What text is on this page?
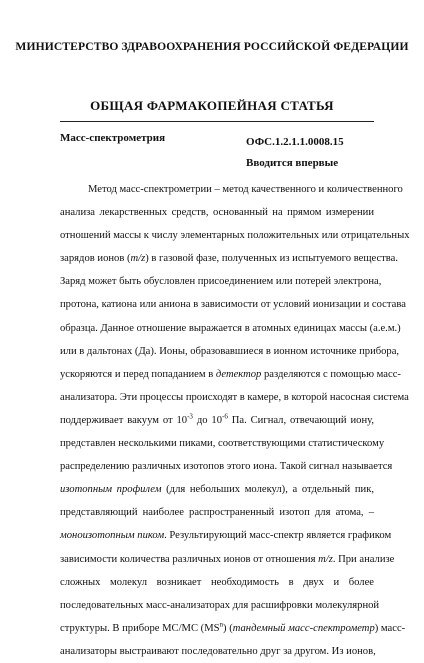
МИНИСТЕРСТВО ЗДРАВООХРАНЕНИЯ РОССИЙСКОЙ ФЕДЕРАЦИИ
ОБЩАЯ ФАРМАКОПЕЙНАЯ СТАТЬЯ
Масс-спектрометрия	ОФС.1.2.1.1.0008.15
Вводится впервые
Метод масс-спектрометрии – метод качественного и количественного
анализа лекарственных средств, основанный на прямом измерении
отношений массы к числу элементарных положительных или отрицательных
зарядов ионов (m/z) в газовой фазе, полученных из испытуемого вещества.
Заряд может быть обусловлен присоединением или потерей электрона,
протона, катиона или аниона в зависимости от условий ионизации и состава
образца. Данное отношение выражается в атомных единицах массы (а.е.м.)
или в дальтонах (Да). Ионы, образовавшиеся в ионном источнике прибора,
ускоряются и перед попаданием в детектор разделяются с помощью масс-
анализатора. Эти процессы происходят в камере, в которой насосная система
поддерживает вакуум от $10^{-3}$ до $10^{-6}$ Па. Сигнал, отвечающий иону,
представлен несколькими пиками, соответствующими статистическому
распределению различных изотопов этого иона. Такой сигнал называется
изотопным профилем (для небольших молекул), а отдельный пик,
представляющий наиболее распространенный изотоп для атома, –
моноизотопным пиком. Результирующий масс-спектр является графиком
зависимости количества различных ионов от отношения m/z. При анализе
сложных молекул возникает необходимость в двух и более
последовательных масс-анализаторах для расшифровки молекулярной
структуры. В приборе МС/МС $(MS^n)$ (тандемный масс-спектрометр) масс-
анализаторы выстраивают последовательно друг за другом. Из ионов,
